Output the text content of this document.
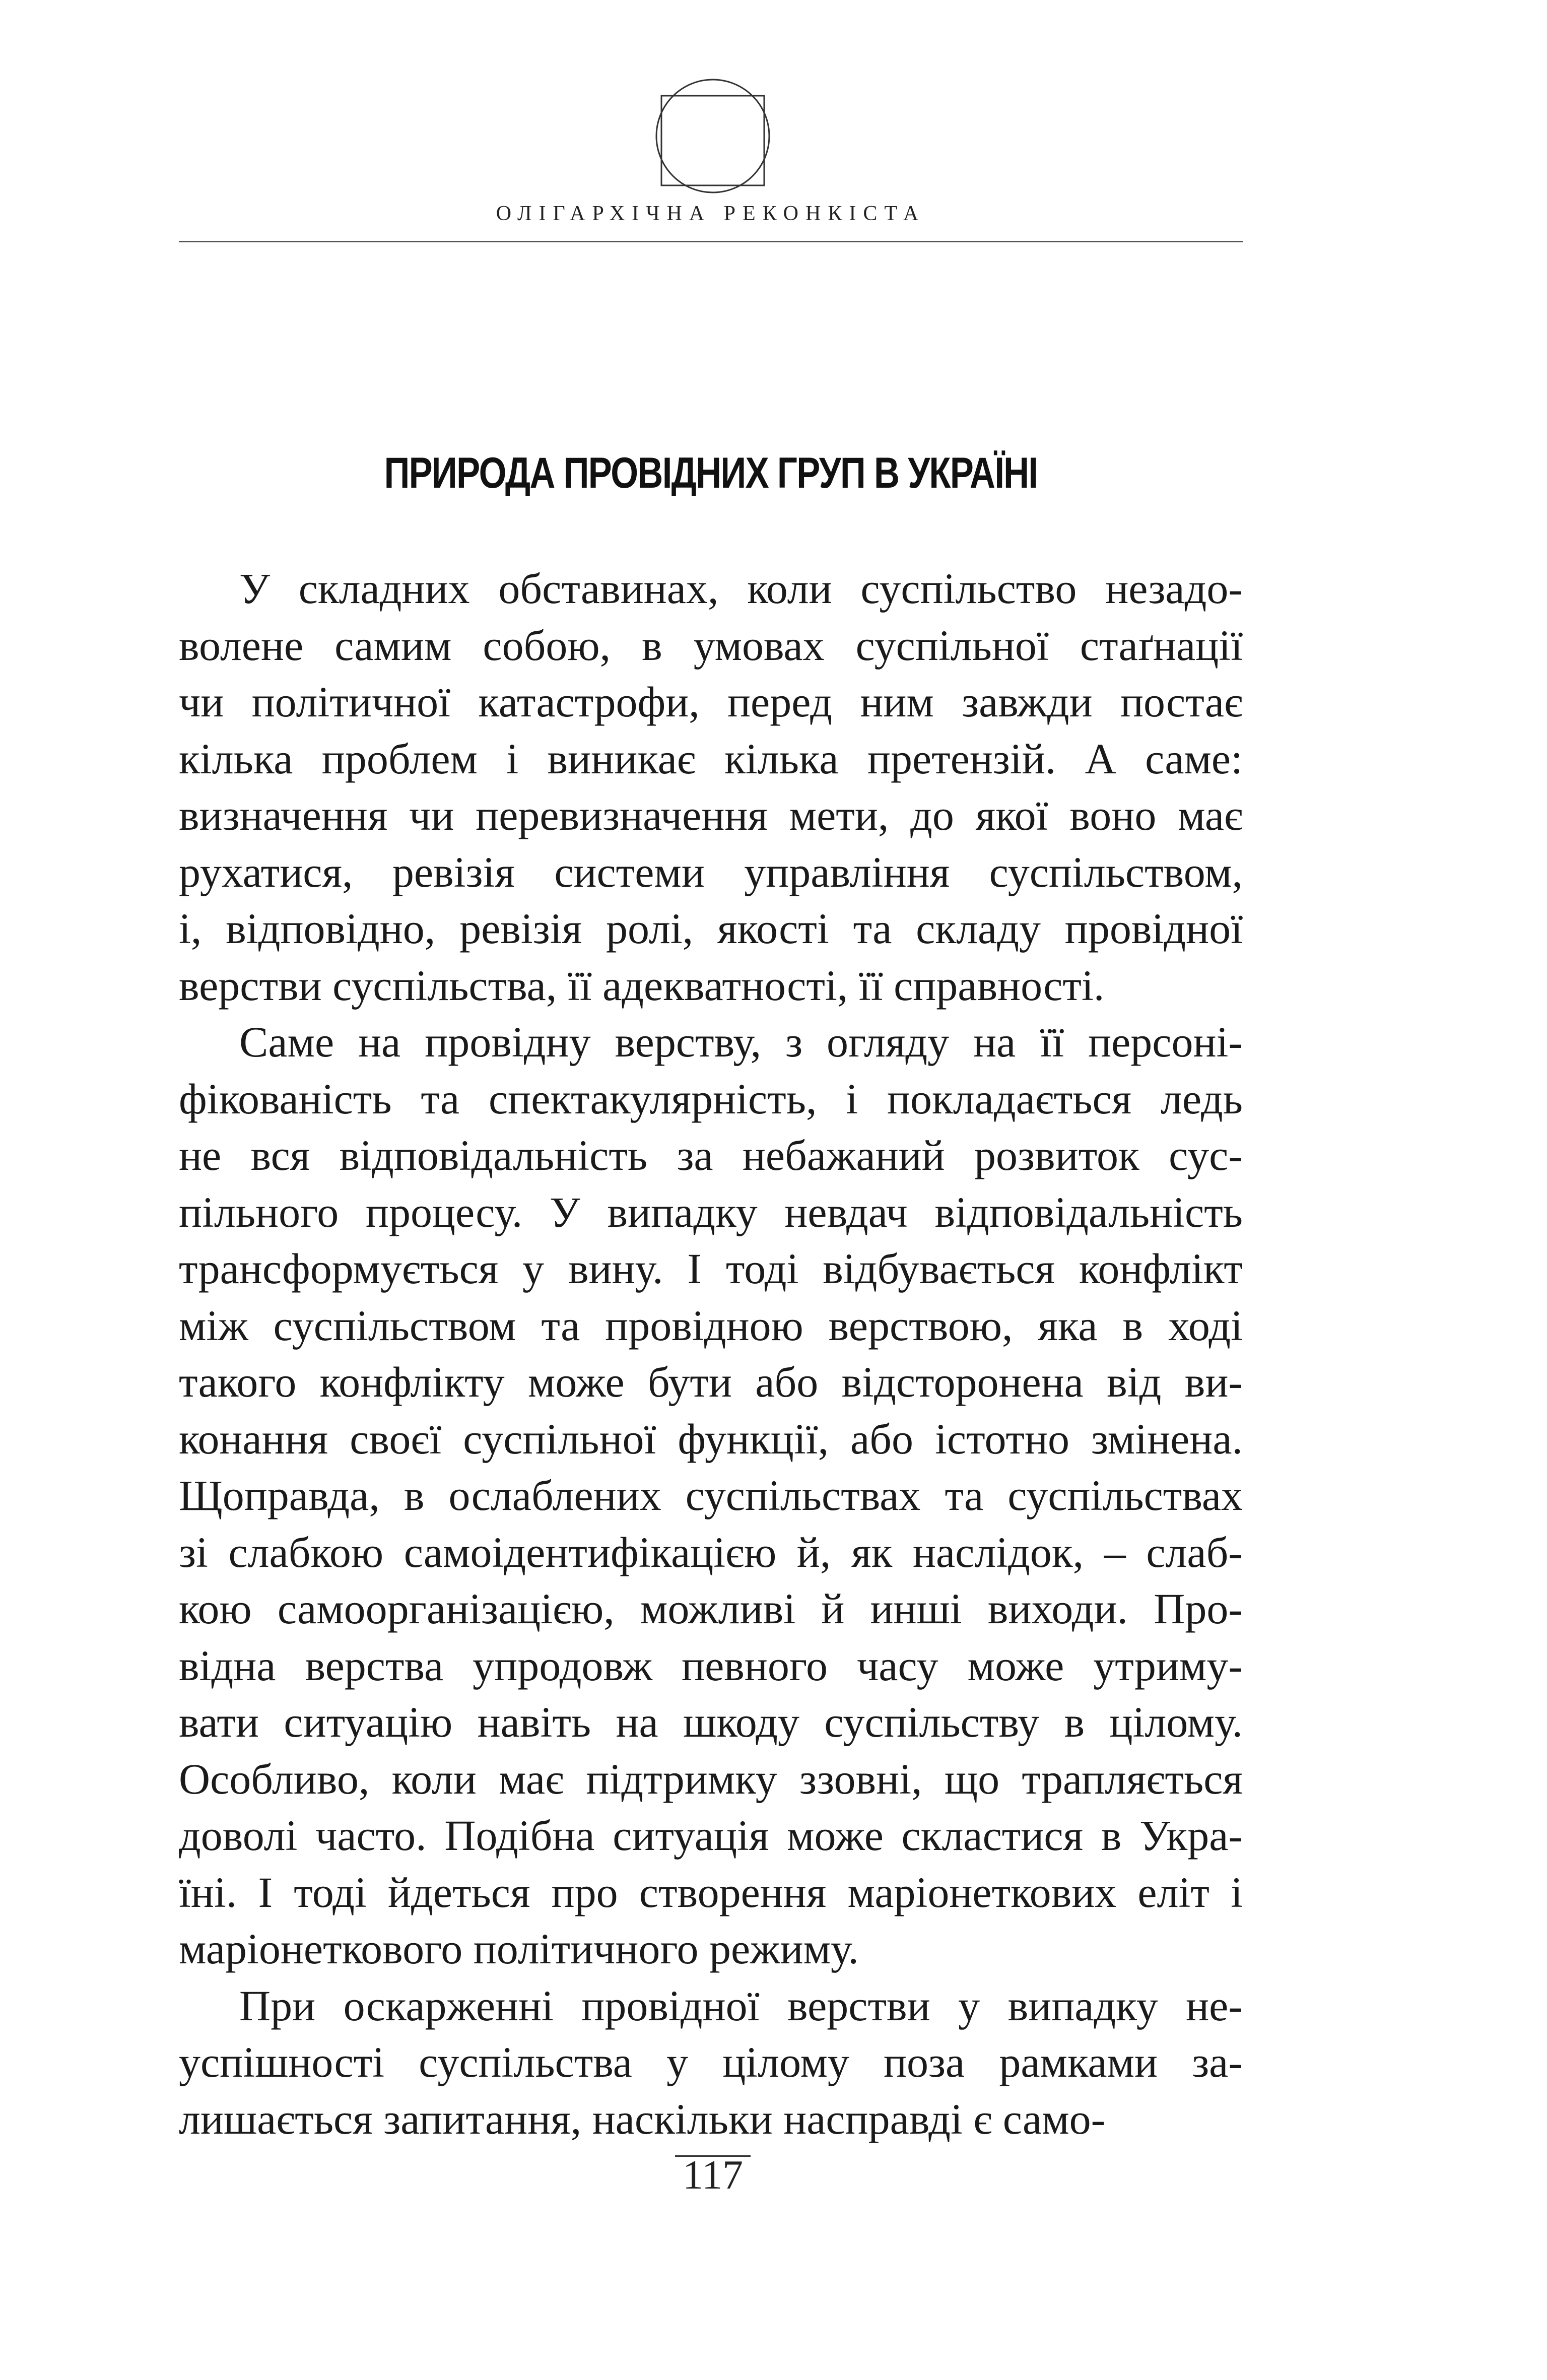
ОЛІГАРХІЧНА РЕКОНКІСТА
ПРИРОДА ПРОВІДНИХ ГРУП В УКРАЇНІ
У складних обставинах, коли суспільство незадо-
волене самим собою, в умовах суспільної стаґнації
чи політичної катастрофи, перед ним завжди постає
кілька проблем і виникає кілька претензій. А саме:
визначення чи перевизначення мети, до якої воно має
рухатися, ревізія системи управління суспільством,
і, відповідно, ревізія ролі, якості та складу провідної
верстви суспільства, її адекватності, її справності.
Саме на провідну верству, з огляду на її персоні-
фікованість та спектакулярність, і покладається ледь
не вся відповідальність за небажаний розвиток сус-
пільного процесу. У випадку невдач відповідальність
трансформується у вину. І тоді відбувається конфлікт
між суспільством та провідною верствою, яка в ході
такого конфлікту може бути або відсторонена від ви-
конання своєї суспільної функції, або істотно змінена.
Щоправда, в ослаблених суспільствах та суспільствах
зі слабкою самоідентифікацією й, як наслідок, – слаб-
кою самоорганізацією, можливі й инші виходи. Про-
відна верства упродовж певного часу може утриму-
вати ситуацію навіть на шкоду суспільству в цілому.
Особливо, коли має підтримку ззовні, що трапляється
доволі часто. Подібна ситуація може скластися в Укра-
їні. І тоді йдеться про створення маріонеткових еліт і
маріонеткового політичного режиму.
При оскарженні провідної верстви у випадку не-
успішності суспільства у цілому поза рамками за-
лишається запитання, наскільки насправді є само-
117
